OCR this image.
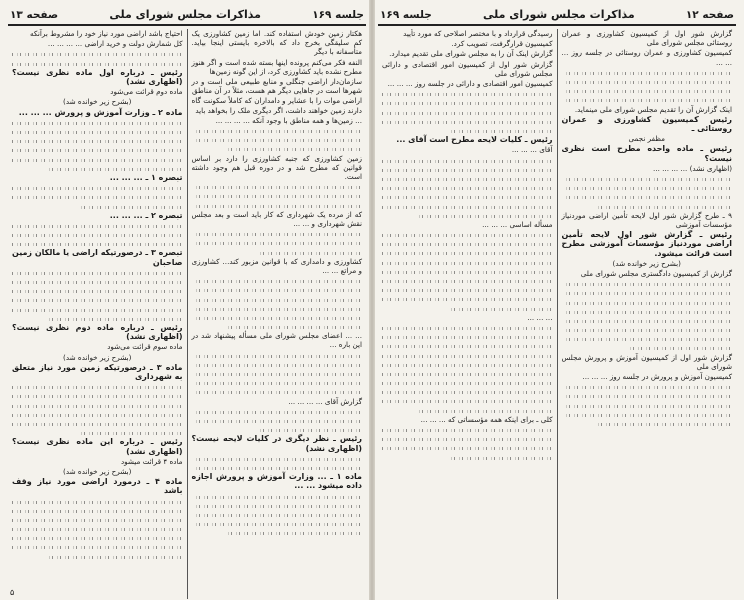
جلسه ۱۶۹
مذاکرات مجلس شورای ملی
صفحه ۱۳

هکتار زمین خودش استفاده کند. اما زمین کشاورزی یک کم سلیقگی بخرج داد که بالاخره بایستی اینجا بیاید. متأسفانه با دیگر

النفه فکر می‌کنم پرونده اینها بسته شده است و اگر هنوز مطرح نشده باید کشاورزی کرد، از این گونه زمین‌ها

سازمان‌دار اراضی جنگلی و منابع طبیعی ملی است و در شهرها است در جاهایی دیگر هم هست، مثلاً در آن مناطق

اراضی موات را با عشایر و دامداران که کاملاً سکونت گاه دارند زمین خواهند داشت، اگر دیگری ملک را بخواهد باید

... زمین‌ها و همه مناطق با وجود آنکه ... ... ... ...

زمین کشاورزی که جنبه کشاورزی را دارد بر اساس قوانین که مطرح شد و در دوره قبل هم وجود داشته است.

که از مرده یک شهرداری که کار باید است و بعد مجلس نقش شهرداری و ... ...

کشاورزی و دامداری که با قوانین مزبور کند... کشاورزی و مراتع ... ...

... ... اعضای مجلس شورای ملی مسأله پیشنهاد شد در این باره ...

گزارش آقای ... ... ... ...

رئیس ـ نظر دیگری در کلیات لایحه نیست؟ (اظهاری نشد)

ماده ۱ ـ ... وزارت آموزش و پرورش اجازه داده میشود ... ...

احتیاج باشد اراضی مورد نیاز خود را مشروط برآنکه

کل شمارش دولت و خرید اراضی ... ... ... ...

رئیس ـ درباره اول ماده نظری نیست؟ (اظهاری نشد)

ماده دوم قرائت می‌شود

(بشرح زیر خوانده شد)

ماده ۲ ـ وزارت آموزش و پرورش ... ... ...

تبصره ۱ ـ ... ... ...

تبصره ۲ ـ ... ... ...

تبصره ۳ ـ درصورتیکه اراضی یا مالکان زمین صاحبان

رئیس ـ درباره ماده دوم نظری نیست؟ (اظهاری نشد)

ماده سوم قرائت می‌شود

(بشرح زیر خوانده شد)

ماده ۳ ـ درصورتیکه زمین مورد نیاز متعلق به شهرداری

رئیس ـ درباره این ماده نظری نیست؟ (اظهاری نشد)

ماده ۴ قرائت میشود

(بشرح زیر خوانده شد)

ماده ۴ ـ درمورد اراضی مورد نیاز وقف باشد

۵
صفحه ۱۲
مذاکرات مجلس شورای ملی
جلسه ۱۶۹

گزارش شور اول از کمیسیون کشاورزی و عمران روستائی مجلس شورای ملی

کمیسیون کشاورزی و عمران روستائی در جلسه روز ... ... ...

اینک گزارش آن را تقدیم مجلس شورای ملی مینماید.

رئیس کمیسیون کشاورزی و عمران روستائی ـ

مظفر نجمی

رئیس ـ ماده واحده مطرح است نظری نیست؟

(اظهاری نشد) ... ... ... ...

۹ ـ طرح گزارش شور اول لایحه تأمین اراضی موردنیاز مؤسسات آموزشی

رئیس ـ گزارش شور اول لایحه تأمین اراضی موردنیاز مؤسسات آموزشی مطرح است قرائت میشود.

(بشرح زیر خوانده شد)

گزارش از کمیسیون دادگستری مجلس شورای ملی

گزارش شور اول از کمیسیون آموزش و پرورش مجلس شورای ملی

کمیسیون آموزش و پرورش در جلسه روز ... ... ...

رسیدگی قرارداد و با مختصر اصلاحی که مورد تأیید

کمیسیون قرارگرفت، تصویب کرد.

گزارش اینک آن را به مجلس شورای ملی تقدیم میدارد.

گزارش شور اول از کمیسیون امور اقتصادی و دارائی مجلس شورای ملی

کمیسیون امور اقتصادی و دارائی در جلسه روز ... ... ...

رئیس ـ کلیات لایحه مطرح است آقای ...

آقای ... ... ...

مسأله اساسی ... ... ...

... ... ...

کلی ـ برای اینکه همه مؤسساتی که ... ... ...
